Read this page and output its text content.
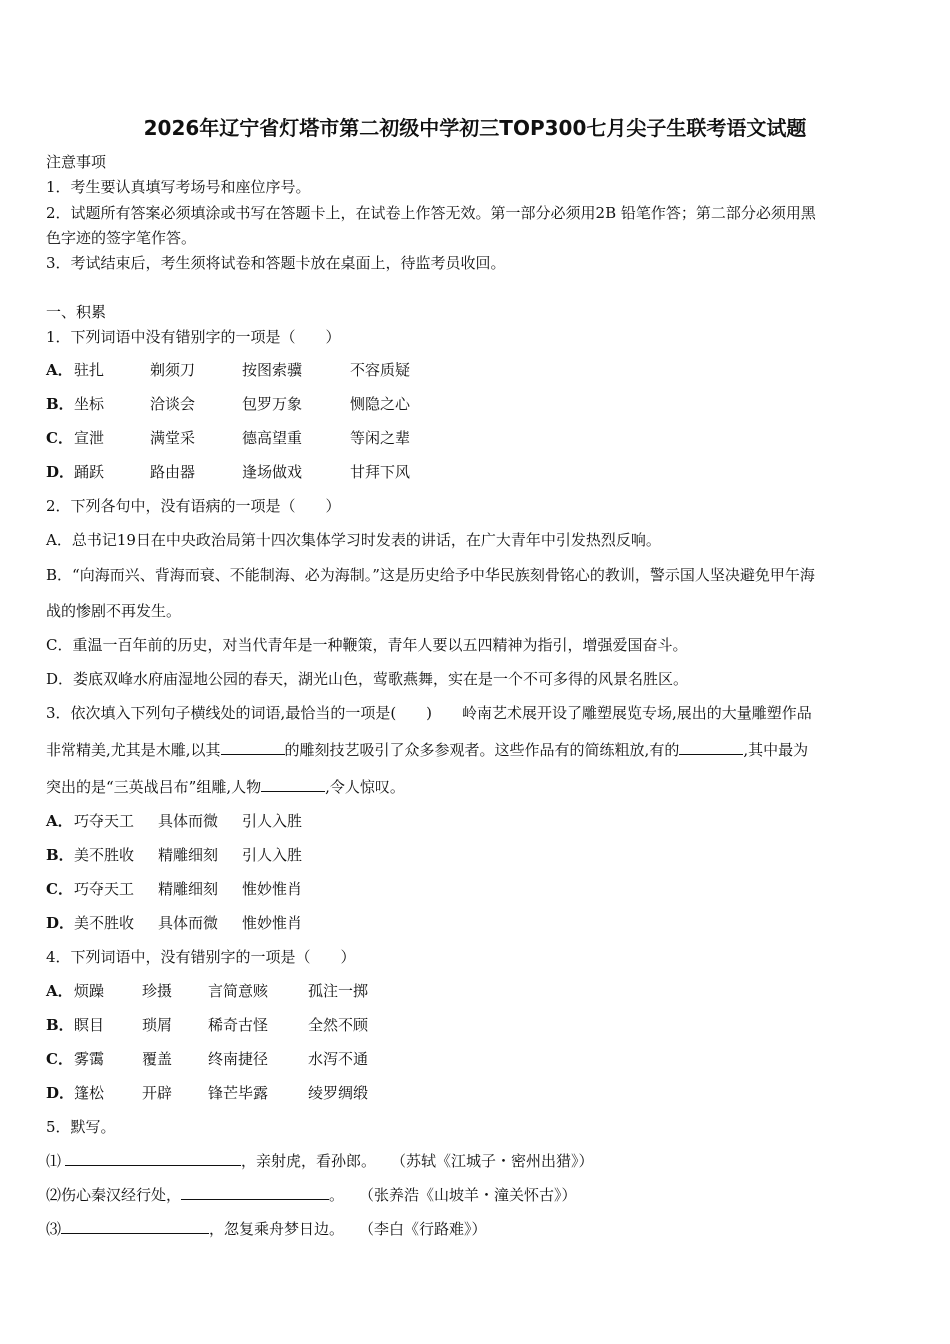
2026年辽宁省灯塔市第二初级中学初三TOP300七月尖子生联考语文试题
注意事项
1．考生要认真填写考场号和座位序号。
2．试题所有答案必须填涂或书写在答题卡上，在试卷上作答无效。第一部分必须用2B 铅笔作答；第二部分必须用黑
色字迹的签字笔作答。
3．考试结束后，考生须将试卷和答题卡放在桌面上，待监考员收回。
一、积累
1．下列词语中没有错别字的一项是（　　）
A． 驻扎	剃须刀	按图索骥	不容质疑
B． 坐标	洽谈会	包罗万象	恻隐之心
C． 宣泄	满堂采	德高望重	等闲之辈
D． 踊跃	路由器	逢场做戏	甘拜下风
2．下列各句中，没有语病的一项是（　　）
A．总书记19日在中央政治局第十四次集体学习时发表的讲话，在广大青年中引发热烈反响。
B．“向海而兴、背海而衰、不能制海、必为海制。”这是历史给予中华民族刻骨铭心的教训，警示国人坚决避免甲午海
战的惨剧不再发生。
C．重温一百年前的历史，对当代青年是一种鞭策，青年人要以五四精神为指引，增强爱国奋斗。
D．娄底双峰水府庙湿地公园的春天，湖光山色，莺歌燕舞，实在是一个不可多得的风景名胜区。
3．依次填入下列句子横线处的词语,最恰当的一项是(　　)　　岭南艺术展开设了雕塑展览专场,展出的大量雕塑作品
非常精美,尤其是木雕,以其	的雕刻技艺吸引了众多参观者。这些作品有的简练粗放,有的	,其中最为
突出的是“三英战吕布”组雕,人物	,令人惊叹。
A． 巧夺天工 具体而微 引人入胜
B． 美不胜收 精雕细刻 引人入胜
C． 巧夺天工 精雕细刻 惟妙惟肖
D． 美不胜收 具体而微 惟妙惟肖
4．下列词语中，没有错别字的一项是（　　）
A． 烦躁	珍摄 言简意赅	孤注一掷
B． 瞑目	琐屑 稀奇古怪	全然不顾
C． 雾霭	覆盖 终南捷径	水泻不通
D． 篷松	开辟 锋芒毕露	绫罗绸缎
5．默写。
⑴	，亲射虎，看孙郎。　　（苏轼《江城子・密州出猎》）
⑵伤心秦汉经行处，	。　　（张养浩《山坡羊・潼关怀古》）
⑶	，忽复乘舟梦日边。　　（李白《行路难》）
